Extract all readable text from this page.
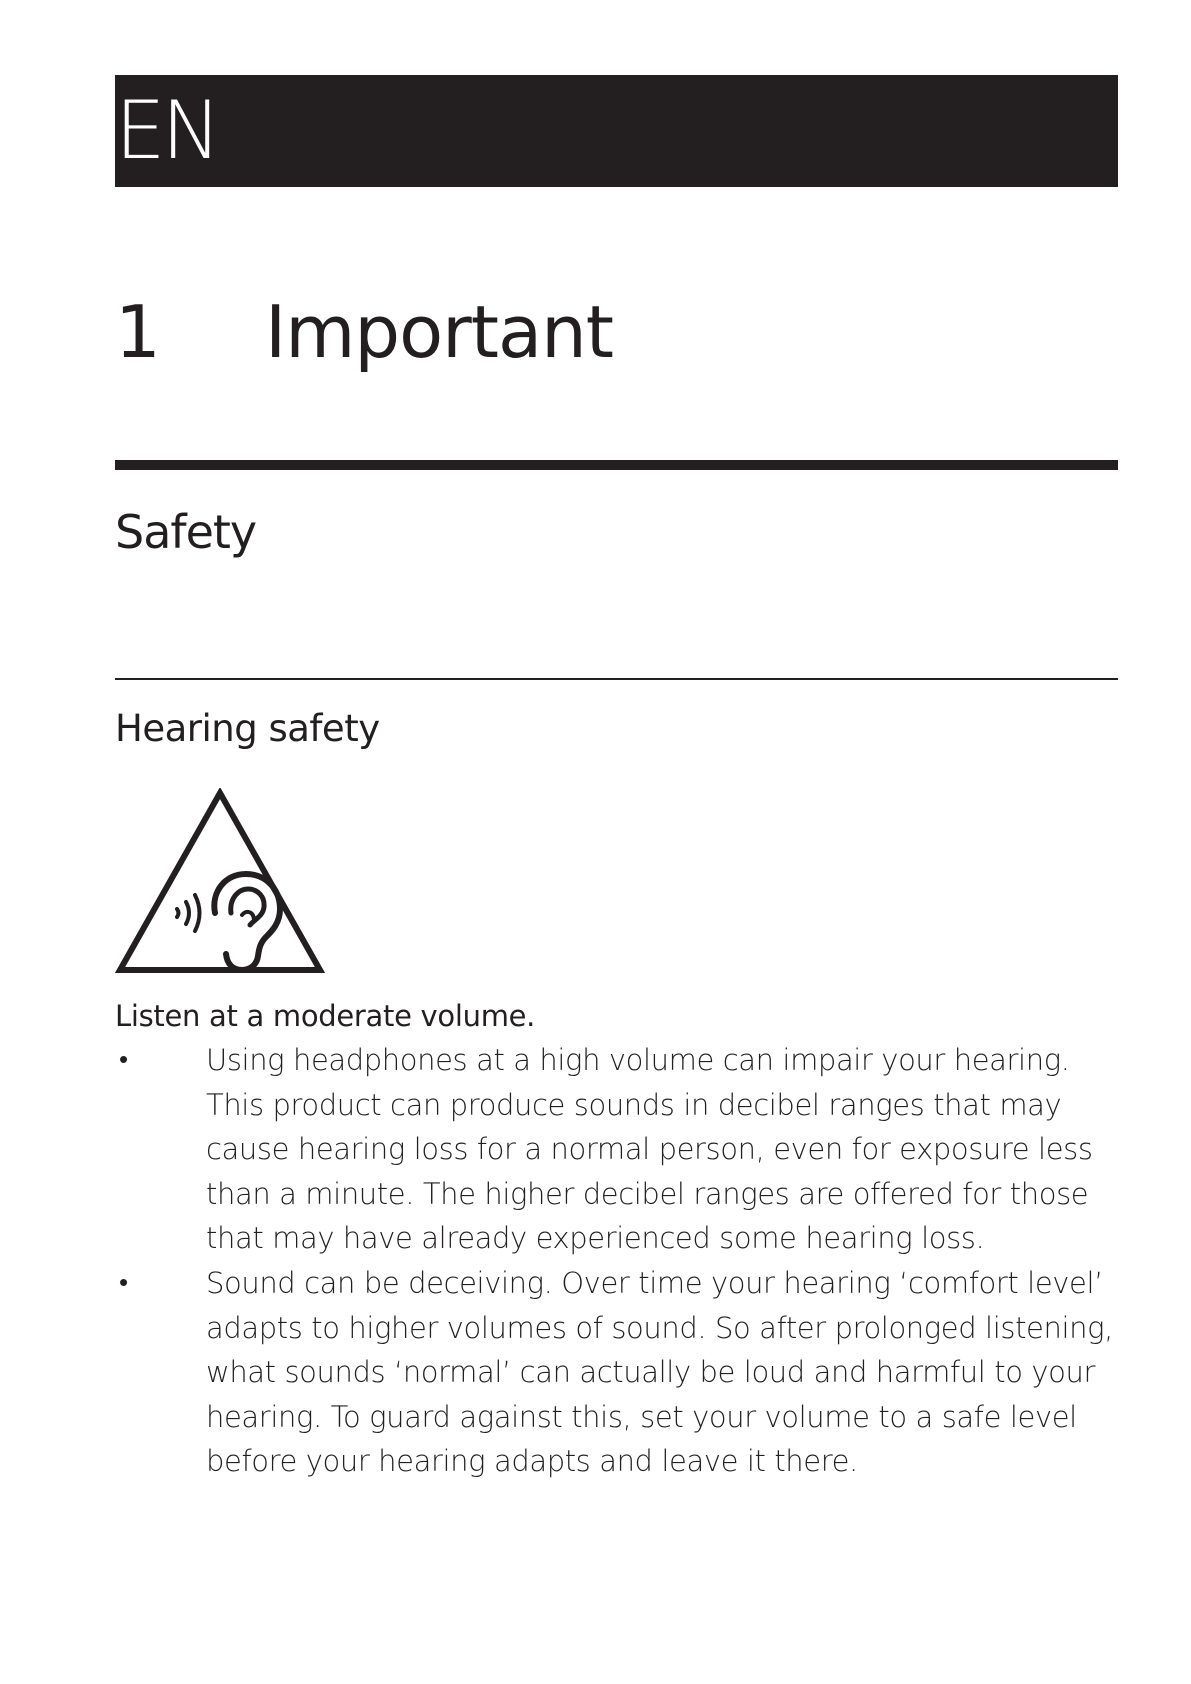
EN
1 Important
Safety
Hearing safety
Listen at a moderate volume.
•	Using headphones at a high volume can impair your hearing. This product can produce sounds in decibel ranges that may cause hearing loss for a normal person, even for exposure less than a minute. The higher decibel ranges are offered for those that may have already experienced some hearing loss.
•	Sound can be deceiving. Over time your hearing ‘comfort level’ adapts to higher volumes of sound. So after prolonged listening, what sounds ‘normal’ can actually be loud and harmful to your hearing. To guard against this, set your volume to a safe level before your hearing adapts and leave it there.
